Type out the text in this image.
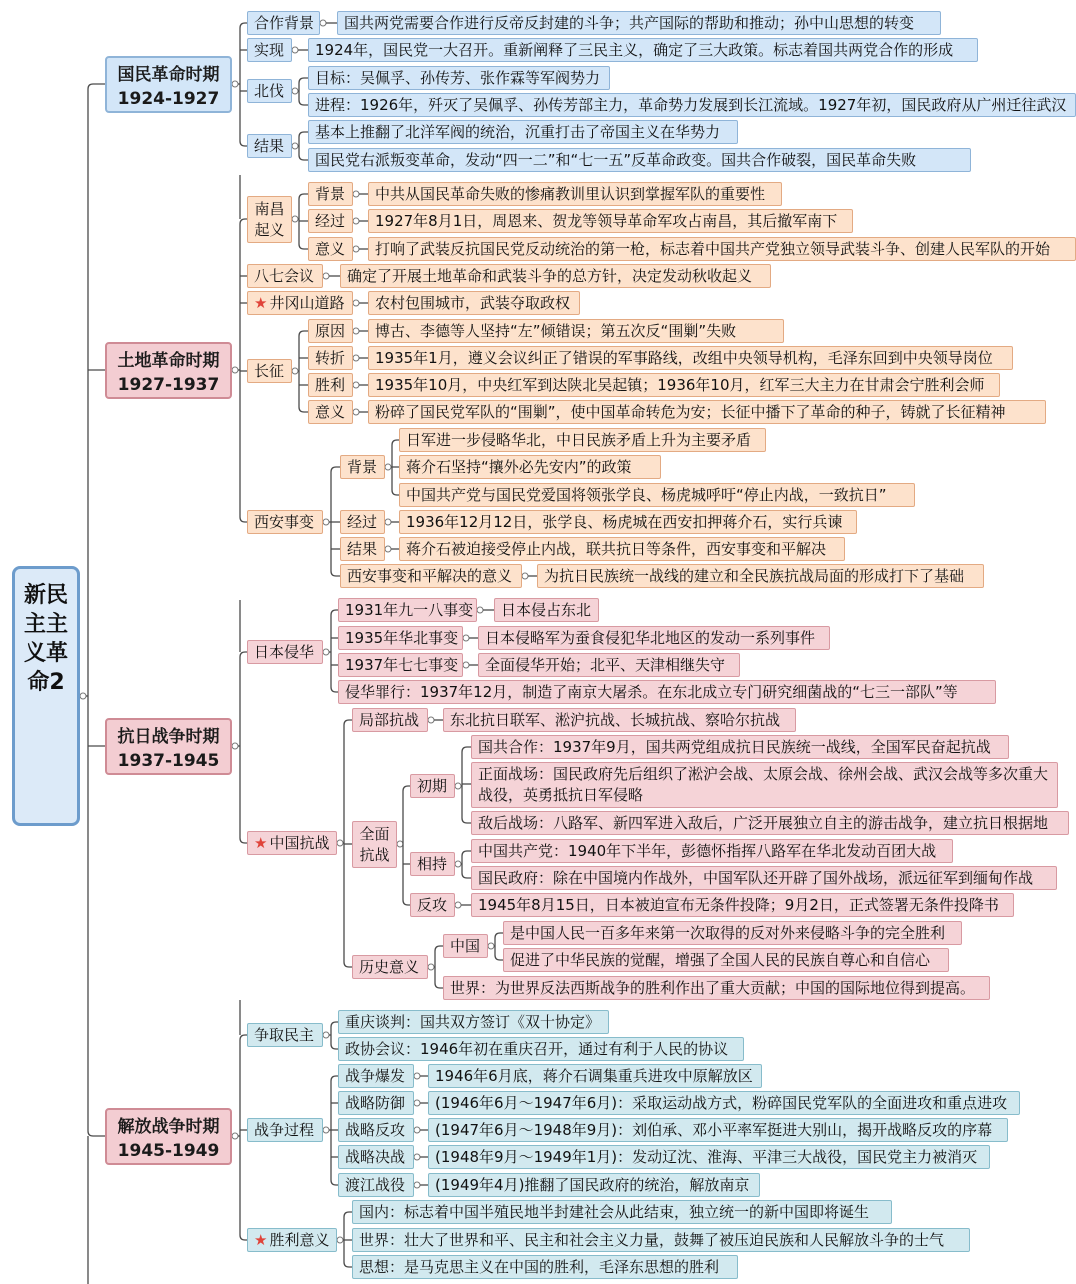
新民主主义革命2
国民革命时期
1924-1927
土地革命时期
1927-1937
抗日战争时期
1937-1945
解放战争时期
1945-1949
合作背景	国共两党需要合作进行反帝反封建的斗争；共产国际的帮助和推动；孙中山思想的转变
实现	1924年，国民党一大召开。重新阐释了三民主义，确定了三大政策。标志着国共两党合作的形成
北伐
目标：吴佩孚、孙传芳、张作霖等军阀势力
进程：1926年，歼灭了吴佩孚、孙传芳部主力，革命势力发展到长江流域。1927年初，国民政府从广州迁往武汉
结果
基本上推翻了北洋军阀的统治，沉重打击了帝国主义在华势力
国民党右派叛变革命，发动“四一二”和“七一五”反革命政变。国共合作破裂，国民革命失败
南昌起义
背景	中共从国民革命失败的惨痛教训里认识到掌握军队的重要性
经过	1927年8月1日，周恩来、贺龙等领导革命军攻占南昌，其后撤军南下
意义	打响了武装反抗国民党反动统治的第一枪，标志着中国共产党独立领导武装斗争、创建人民军队的开始
八七会议	确定了开展土地革命和武装斗争的总方针，决定发动秋收起义
★ 井冈山道路	农村包围城市，武装夺取政权
长征
原因	博古、李德等人坚持“左”倾错误；第五次反“围剿”失败
转折	1935年1月，遵义会议纠正了错误的军事路线，改组中央领导机构，毛泽东回到中央领导岗位
胜利	1935年10月，中央红军到达陕北吴起镇；1936年10月，红军三大主力在甘肃会宁胜利会师
意义	粉碎了国民党军队的“围剿”，使中国革命转危为安；长征中播下了革命的种子，铸就了长征精神
西安事变
背景
日军进一步侵略华北，中日民族矛盾上升为主要矛盾
蒋介石坚持“攘外必先安内”的政策
中国共产党与国民党爱国将领张学良、杨虎城呼吁“停止内战，一致抗日”
经过	1936年12月12日，张学良、杨虎城在西安扣押蒋介石，实行兵谏
结果	蒋介石被迫接受停止内战，联共抗日等条件，西安事变和平解决
西安事变和平解决的意义	为抗日民族统一战线的建立和全民族抗战局面的形成打下了基础
日本侵华
1931年九一八事变	日本侵占东北
1935年华北事变	日本侵略军为蚕食侵犯华北地区的发动一系列事件
1937年七七事变	全面侵华开始；北平、天津相继失守
侵华罪行：1937年12月，制造了南京大屠杀。在东北成立专门研究细菌战的“七三一部队”等
★ 中国抗战
局部抗战	东北抗日联军、淞沪抗战、长城抗战、察哈尔抗战
全面抗战
初期
国共合作：1937年9月，国共两党组成抗日民族统一战线，全国军民奋起抗战
正面战场：国民政府先后组织了淞沪会战、太原会战、徐州会战、武汉会战等多次重大战役，英勇抵抗日军侵略
敌后战场：八路军、新四军进入敌后，广泛开展独立自主的游击战争，建立抗日根据地
相持
中国共产党：1940年下半年，彭德怀指挥八路军在华北发动百团大战
国民政府：除在中国境内作战外，中国军队还开辟了国外战场，派远征军到缅甸作战
反攻	1945年8月15日，日本被迫宣布无条件投降；9月2日，正式签署无条件投降书
历史意义
中国
是中国人民一百多年来第一次取得的反对外来侵略斗争的完全胜利
促进了中华民族的觉醒，增强了全国人民的民族自尊心和自信心
世界：为世界反法西斯战争的胜利作出了重大贡献；中国的国际地位得到提高。
争取民主
重庆谈判：国共双方签订《双十协定》
政协会议：1946年初在重庆召开，通过有利于人民的协议
战争过程
战争爆发	1946年6月底，蒋介石调集重兵进攻中原解放区
战略防御	(1946年6月～1947年6月)：采取运动战方式，粉碎国民党军队的全面进攻和重点进攻
战略反攻	(1947年6月～1948年9月)：刘伯承、邓小平率军挺进大别山，揭开战略反攻的序幕
战略决战	(1948年9月～1949年1月)：发动辽沈、淮海、平津三大战役，国民党主力被消灭
渡江战役	(1949年4月)推翻了国民政府的统治，解放南京
★ 胜利意义
国内：标志着中国半殖民地半封建社会从此结束，独立统一的新中国即将诞生
世界：壮大了世界和平、民主和社会主义力量，鼓舞了被压迫民族和人民解放斗争的士气
思想：是马克思主义在中国的胜利，毛泽东思想的胜利
